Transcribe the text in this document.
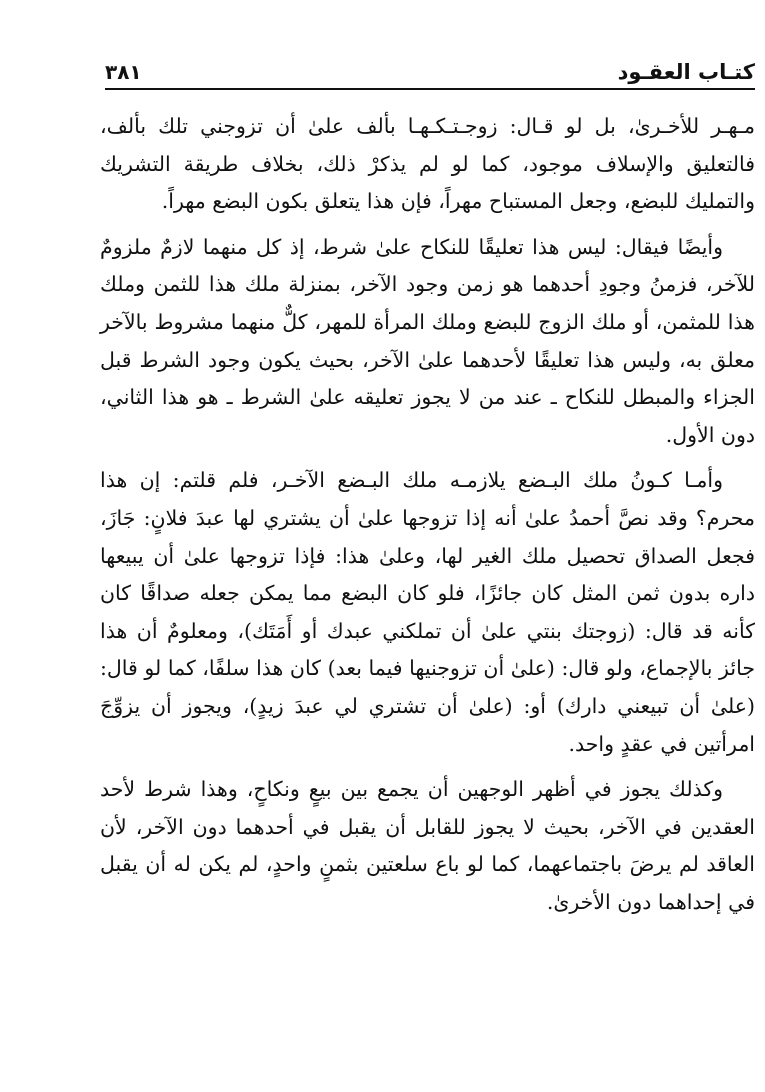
كتـاب العقـود
٣٨١

مـهـر للأخـرىٰ، بل لو قـال: زوجـتـكـهـا بألف علىٰ أن تزوجني تلك بألف، فالتعليق والإسلاف موجود، كما لو لم يذكرْ ذلك، بخلاف طريقة التشريك والتمليك للبضع، وجعل المستباح مهراً، فإن هذا يتعلق بكون البضع مهراً.

وأيضًا فيقال: ليس هذا تعليقًا للنكاح علىٰ شرط، إذ كل منهما لازمٌ ملزومٌ للآخر، فزمنُ وجودِ أحدهما هو زمن وجود الآخر، بمنزلة ملك هذا للثمن وملك هذا للمثمن، أو ملك الزوج للبضع وملك المرأة للمهر، كلٌّ منهما مشروط بالآخر معلق به، وليس هذا تعليقًا لأحدهما علىٰ الآخر، بحيث يكون وجود الشرط قبل الجزاء والمبطل للنكاح ـ عند من لا يجوز تعليقه علىٰ الشرط ـ هو هذا الثاني، دون الأول.

وأمـا كـونُ ملك البـضع يلازمـه ملك البـضع الآخـر، فلم قلتم: إن هذا محرم؟ وقد نصَّ أحمدُ علىٰ أنه إذا تزوجها علىٰ أن يشتري لها عبدَ فلانٍ: جَازَ، فجعل الصداق تحصيل ملك الغير لها، وعلىٰ هذا: فإذا تزوجها علىٰ أن يبيعها داره بدون ثمن المثل كان جائزًا، فلو كان البضع مما يمكن جعله صداقًا كان كأنه قد قال: (زوجتك بنتي علىٰ أن تملكني عبدك أو أَمَتَك)، ومعلومٌ أن هذا جائز بالإجماع، ولو قال: (علىٰ أن تزوجنيها فيما بعد) كان هذا سلفًا، كما لو قال: (علىٰ أن تبيعني دارك) أو: (علىٰ أن تشتري لي عبدَ زيدٍ)، ويجوز أن يزوِّجَ امرأتين في عقدٍ واحد.

وكذلك يجوز في أظهر الوجهين أن يجمع بين بيعٍ ونكاحٍ، وهذا شرط لأحد العقدين في الآخر، بحيث لا يجوز للقابل أن يقبل في أحدهما دون الآخر، لأن العاقد لم يرضَ باجتماعهما، كما لو باع سلعتين بثمنٍ واحدٍ، لم يكن له أن يقبل في إحداهما دون الأخرىٰ.
